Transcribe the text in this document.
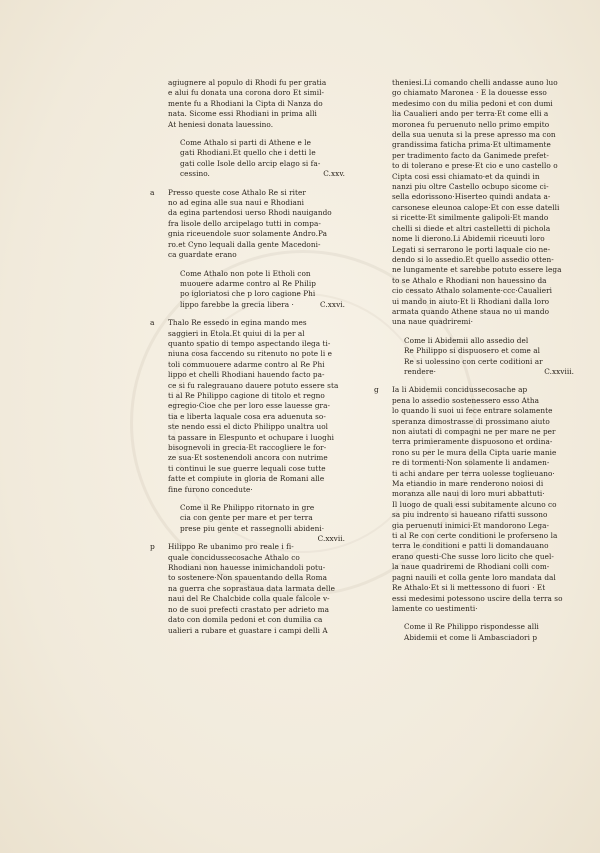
agiugnere al populo di Rhodi fu per gratia

e alui fu donata una corona doro Et simil-

mente fu a Rhodiani la Cipta di Nanza do

nata. Sicome essi Rhodiani in prima alli

At heniesi donata lauessino.

Come Athalo si parti di Athene e le

gati Rhodiani.Et quello che i detti le

gati colle Isole dello arcip elago si fa-

cessino.	C.xxv.

a Presso queste cose Athalo Re si riter

no ad egina alle sua naui e Rhodiani

da egina partendosi uerso Rhodi nauigando

fra lisole dello arcipelago tutti in compa-

gnia riceuendole suor solamente Andro.Pa

ro.et Cyno lequali dalla gente Macedoni-

ca guardate erano

Come Athalo non pote li Etholi con

muouere adarme contro al Re Philip

po igloriatosi che p loro cagione Phi

lippo farebbe la grecia libera ·	C.xxvi.

a Thalo Re essedo in egina mando mes

saggieri in Etola.Et quiui di la per al

quanto spatio di tempo aspectando ilega ti-

niuna cosa faccendo su ritenuto no pote li e

toli commuouere adarme contro al Re Phi

lippo et chelli Rhodiani hauendo facto pa-

ce si fu ralegrauano dauere potuto essere sta

ti al Re Philippo cagione di titolo et regno

egregio·Cioe che per loro esse lauesse gra-

tia e liberta laquale cosa era aduenuta so-

ste nendo essi el dicto Philippo unaltra uol

ta passare in Elespunto et ochupare i luoghi

bisognevoli in grecia·Et raccogliere le for-

ze sua·Et sostenendoli ancora con nutrime

ti continui le sue guerre lequali cose tutte

fatte et compiute in gloria de Romani alle

fine furono concedute·

Come il Re Philippo ritornato in gre

cia con gente per mare et per terra

prese piu gente et rassegnolli abideni·
C.xxvii.

p Hilippo Re ubanimo pro reale i fi-

quale concidussecosache Athalo co

Rhodiani non hauesse inimichandoli potu-

to sostenere·Non spauentando della Roma

na guerra che soprastaua data larmata delle

naui del Re Chalcbide colla quale falcole v-

no de suoi prefecti crastato per adrieto ma

dato con domila pedoni et con dumilia ca

ualieri a rubare et guastare i campi delli A

theniesi.Li comando chelli andasse auno luo

go chiamato Maronea · E la douesse esso

medesimo con du milia pedoni et con dumi

lia Caualieri ando per terra·Et come elli a

moronea fu peruenuto nello primo empito

della sua uenuta si la prese apresso ma con

grandissima faticha prima·Et ultimamente

per tradimento facto da Ganimede prefet-

to di tolerano e prese·Et cio e uno castello o

Cipta cosi essi chiamato·et da quindi in

nanzi piu oltre Castello ocbupo sicome ci-

sella edorissono·Hiserteo quindi andata a-

carsonese eleunoa calope·Et con esse datelli

si ricette·Et similmente galipoli·Et mando

chelli si diede et altri castelletti di pichola

nome li dierono.Li Abidemii riceuuti loro

Legati si serrarono le porti laquale cio ne-

dendo si lo assedio.Et quello assedio otten-

ne lungamente et sarebbe potuto essere lega

to se Athalo e Rhodiani non hauessino da

cio cessato Athalo solamente·ccc·Caualieri

ui mando in aiuto·Et li Rhodiani dalla loro

armata quando Athene staua no ui mando

una naue quadriremi·

Come li Abidemii allo assedio del

Re Philippo si dispuosero et come al

Re si uolessino con certe coditioni ar

rendere·	C.xxviii.

g Ia li Abidemii concidussecosache ap

pena lo assedio sostenessero esso Atha

lo quando li suoi ui fece entrare solamente

speranza dimostrasse di prossimano aiuto

non aiutati di compagni ne per mare ne per

terra primieramente dispuosono et ordina-

rono su per le mura della Cipta uarie manie

re di tormenti·Non solamente li andamen-

ti achi andare per terra uolesse toglieuano·

Ma etiandio in mare renderono noiosi di

moranza alle naui di loro muri abbattuti·

Il luogo de quali essi subitamente alcuno co

sa piu indrento si haueano rifatti sussono

gia peruenuti inimici·Et mandorono Lega-

ti al Re con certe conditioni le proferseno la

terra le conditioni e patti li domandauano

erano questi·Che susse loro licito che quel-

la naue quadriremi de Rhodiani colli com-

pagni nauili et colla gente loro mandata dal

Re Athalo·Et si li mettessono di fuori · Et

essi medesimi potessono uscire della terra so

lamente co uestimenti·

Come il Re Philippo rispondesse alli

Abidemii et come li Ambasciadori p
